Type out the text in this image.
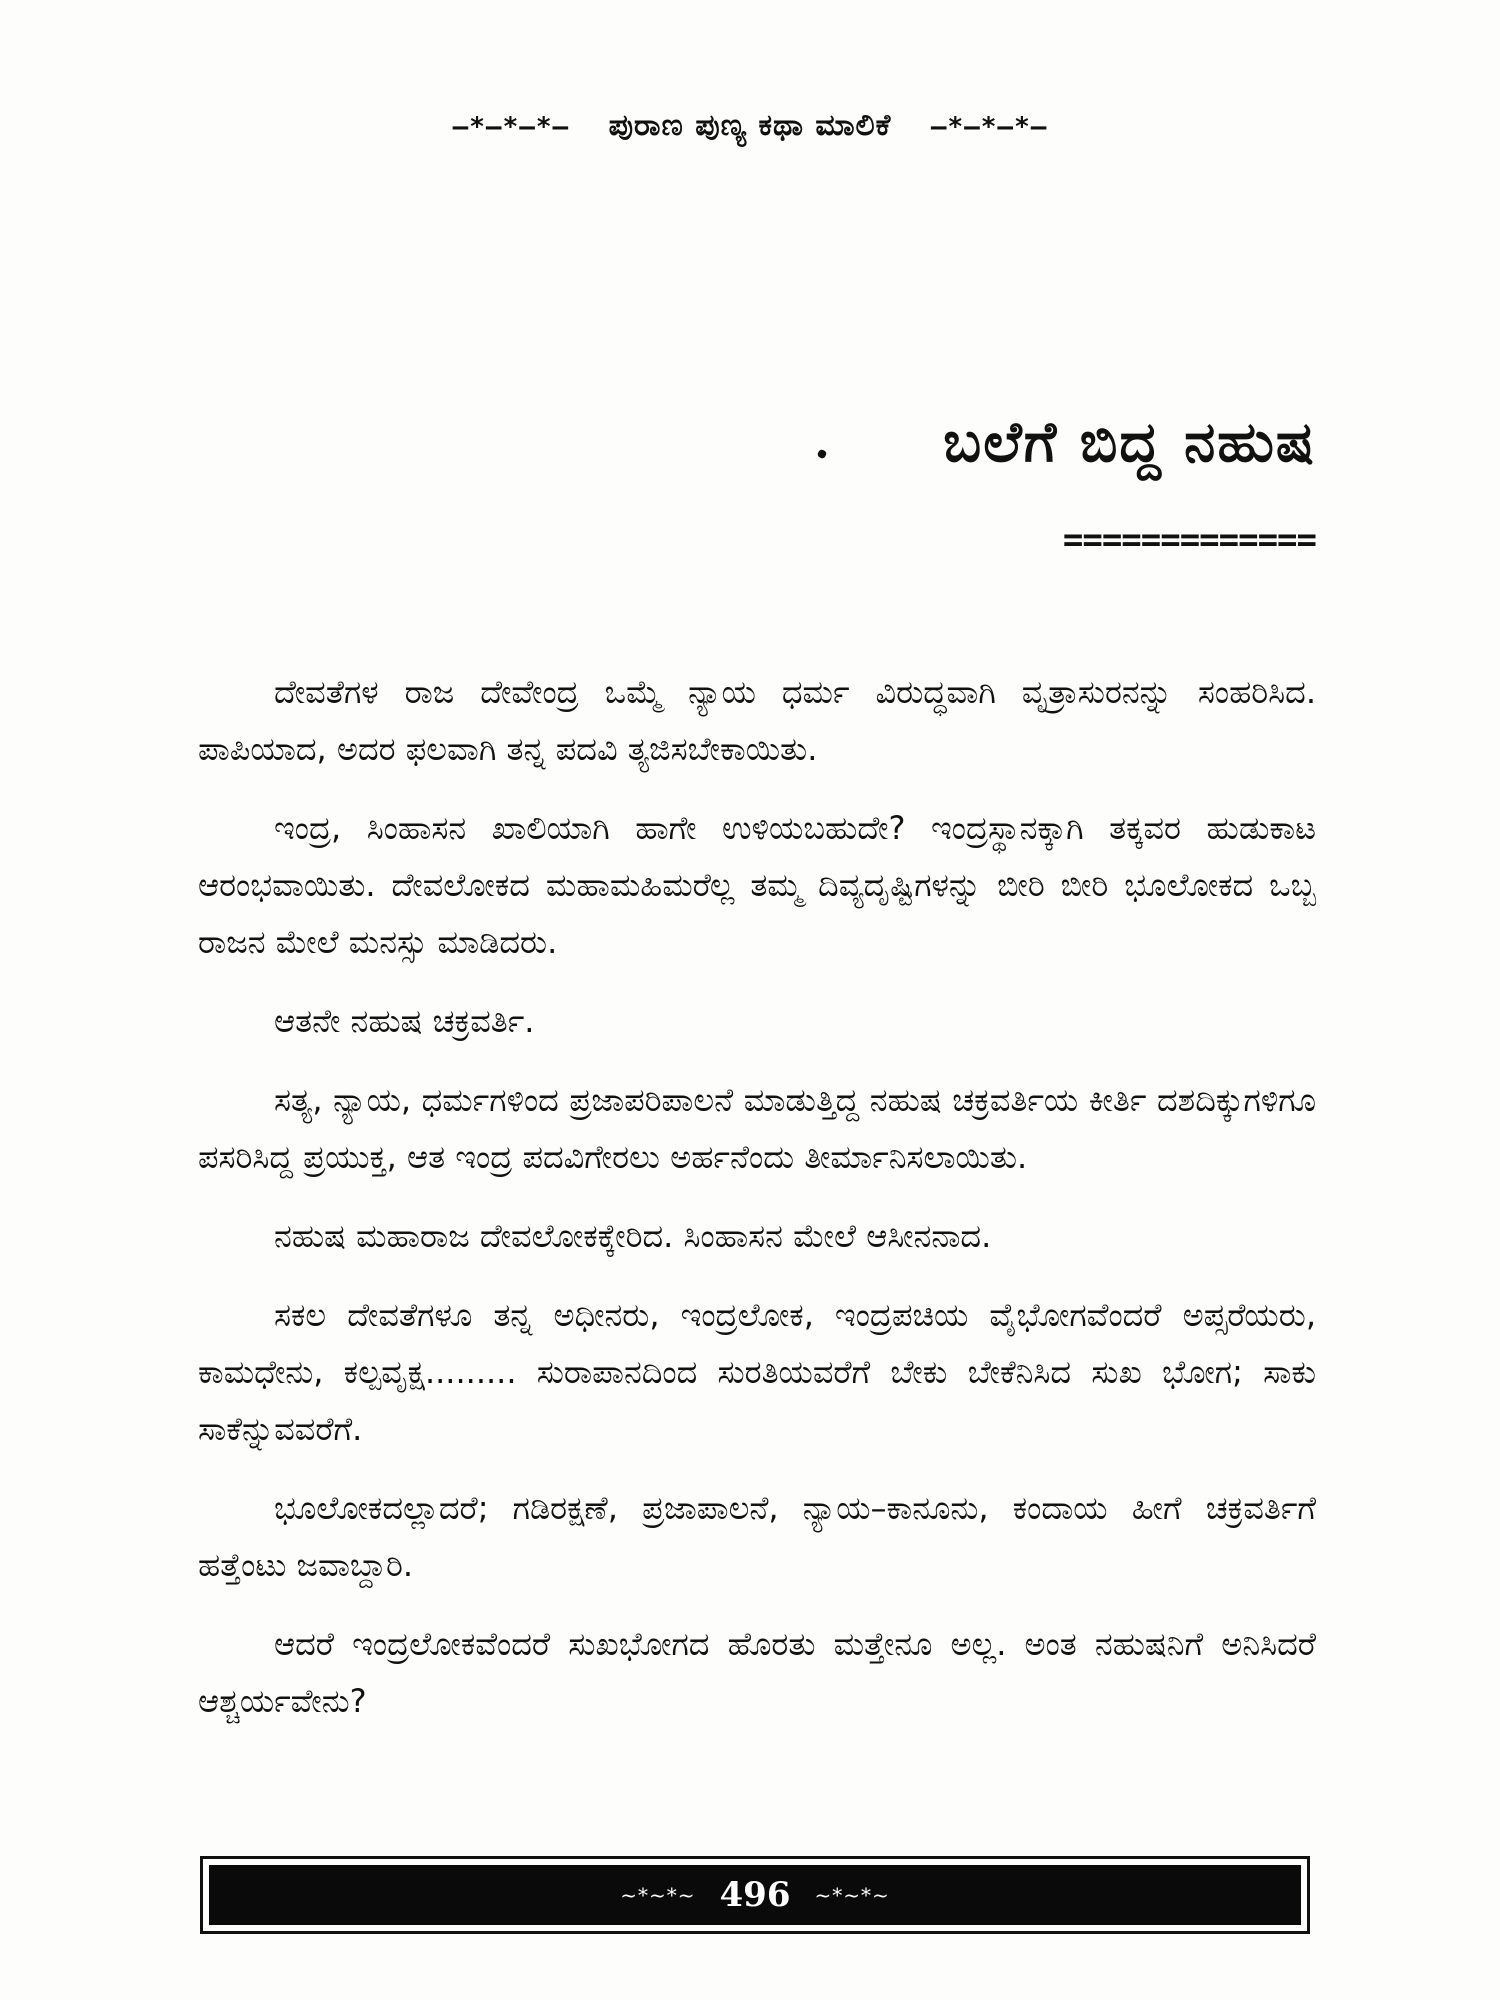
–*–*–*– ಪುರಾಣ ಪುಣ್ಯ ಕಥಾ ಮಾಲಿಕೆ –*–*–*–
ಬಲೆಗೆ ಬಿದ್ದ ನಹುಷ
=============

ದೇವತೆಗಳ ರಾಜ ದೇವೇಂದ್ರ ಒಮ್ಮೆ ನ್ಯಾಯ ಧರ್ಮ ವಿರುದ್ಧವಾಗಿ ವೃತ್ರಾಸುರನನ್ನು ಸಂಹರಿಸಿದ. ಪಾಪಿಯಾದ, ಅದರ ಫಲವಾಗಿ ತನ್ನ ಪದವಿ ತ್ಯಜಿಸಬೇಕಾಯಿತು.

ಇಂದ್ರ, ಸಿಂಹಾಸನ ಖಾಲಿಯಾಗಿ ಹಾಗೇ ಉಳಿಯಬಹುದೇ? ಇಂದ್ರಸ್ಥಾನಕ್ಕಾಗಿ ತಕ್ಕವರ ಹುಡುಕಾಟ ಆರಂಭವಾಯಿತು. ದೇವಲೋಕದ ಮಹಾಮಹಿಮರೆಲ್ಲ ತಮ್ಮ ದಿವ್ಯದೃಷ್ಟಿಗಳನ್ನು ಬೀರಿ ಬೀರಿ ಭೂಲೋಕದ ಒಬ್ಬ ರಾಜನ ಮೇಲೆ ಮನಸ್ಸು ಮಾಡಿದರು.

ಆತನೇ ನಹುಷ ಚಕ್ರವರ್ತಿ.

ಸತ್ಯ, ನ್ಯಾಯ, ಧರ್ಮಗಳಿಂದ ಪ್ರಜಾಪರಿಪಾಲನೆ ಮಾಡುತ್ತಿದ್ದ ನಹುಷ ಚಕ್ರವರ್ತಿಯ ಕೀರ್ತಿ ದಶದಿಕ್ಕುಗಳಿಗೂ ಪಸರಿಸಿದ್ದ ಪ್ರಯುಕ್ತ, ಆತ ಇಂದ್ರ ಪದವಿಗೇರಲು ಅರ್ಹನೆಂದು ತೀರ್ಮಾನಿಸಲಾಯಿತು.

ನಹುಷ ಮಹಾರಾಜ ದೇವಲೋಕಕ್ಕೇರಿದ. ಸಿಂಹಾಸನ ಮೇಲೆ ಆಸೀನನಾದ.

ಸಕಲ ದೇವತೆಗಳೂ ತನ್ನ ಅಧೀನರು, ಇಂದ್ರಲೋಕ, ಇಂದ್ರಪಚಿಯ ವೈಭೋಗವೆಂದರೆ ಅಪ್ಸರೆಯರು, ಕಾಮಧೇನು, ಕಲ್ಪವೃಕ್ಷ......... ಸುರಾಪಾನದಿಂದ ಸುರತಿಯವರೆಗೆ ಬೇಕು ಬೇಕೆನಿಸಿದ ಸುಖ ಭೋಗ; ಸಾಕು ಸಾಕೆನ್ನುವವರೆಗೆ.

ಭೂಲೋಕದಲ್ಲಾದರೆ; ಗಡಿರಕ್ಷಣೆ, ಪ್ರಜಾಪಾಲನೆ, ನ್ಯಾಯ–ಕಾನೂನು, ಕಂದಾಯ ಹೀಗೆ ಚಕ್ರವರ್ತಿಗೆ ಹತ್ತೆಂಟು ಜವಾಬ್ದಾರಿ.

ಆದರೆ ಇಂದ್ರಲೋಕವೆಂದರೆ ಸುಖಭೋಗದ ಹೊರತು ಮತ್ತೇನೂ ಅಲ್ಲ. ಅಂತ ನಹುಷನಿಗೆ ಅನಿಸಿದರೆ ಆಶ್ಚರ್ಯವೇನು?

~*~*~ 496 ~*~*~
